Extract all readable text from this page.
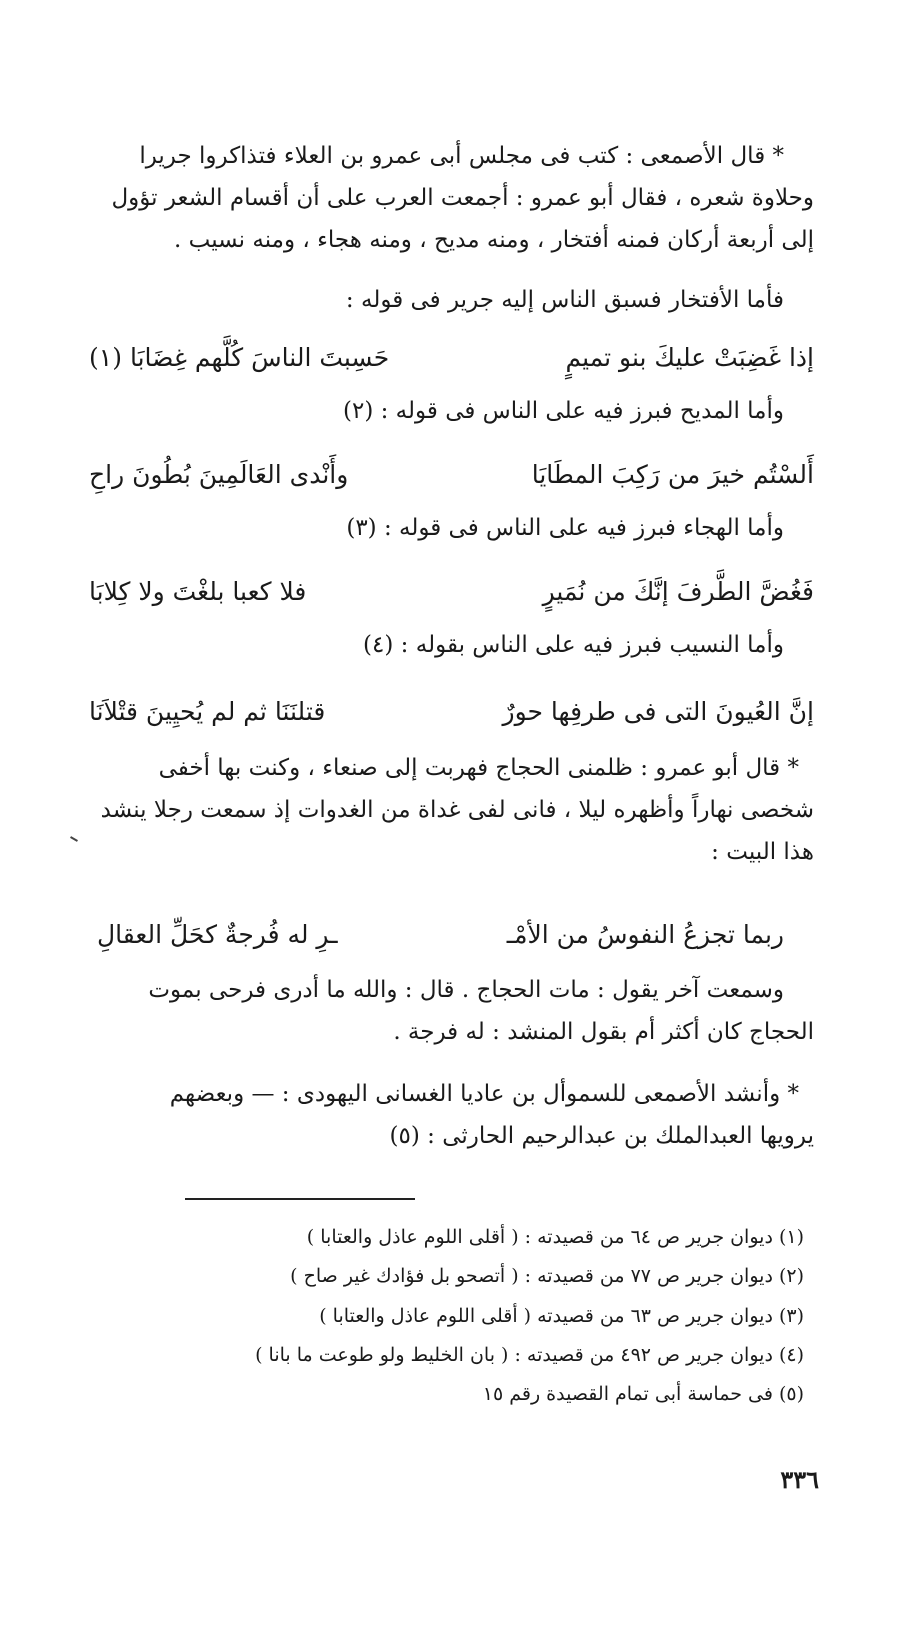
* قال الأصمعى : كتب فى مجلس أبى عمرو بن العلاء فتذاكروا جريرا
وحلاوة شعره ، فقال أبو عمرو : أجمعت العرب على أن أقسام الشعر تؤول
إلى أربعة أركان فمنه أفتخار ، ومنه مديح ، ومنه هجاء ، ومنه نسيب .
فأما الأفتخار فسبق الناس إليه جرير فى قوله :
إذا غَضِبَتْ عليكَ بنو تميمٍ
حَسِبتَ الناسَ كُلَّهم غِضَابَا(١)
وأما المديح فبرز فيه على الناس فى قوله : (٢)
أَلسْتُم خيرَ من رَكِبَ المطَايَا
وأَنْدى العَالَمِينَ بُطُونَ راحِ
وأما الهجاء فبرز فيه على الناس فى قوله : (٣)
فَغُضَّ الطَّرفَ إنَّكَ من نُمَيرٍ
فلا كعبا بلغْتَ ولا كِلابَا
وأما النسيب فبرز فيه على الناس بقوله : (٤)
إنَّ العُيونَ التى فى طرفِها حورٌ
قتلنَنَا ثم لم يُحيِينَ قتْلاَنَا
* قال أبو عمرو : ظلمنى الحجاج فهربت إلى صنعاء ، وكنت بها أخفى
شخصى نهاراً وأظهره ليلا ، فانى لفى غداة من الغدوات إذ سمعت رجلا ينشد
هذا البيت :
ربما تجزعُ النفوسُ من الأمْـ
ـرِ له فُرجةٌ كحَلِّ العقالِ
وسمعت آخر يقول : مات الحجاج . قال : والله ما أدرى فرحى بموت
الحجاج كان أكثر أم بقول المنشد : له فرجة .
* وأنشد الأصمعى للسموأل بن عاديا الغسانى اليهودى : — وبعضهم
يرويها العبدالملك بن عبدالرحيم الحارثى : (٥)
(١) ديوان جرير ص ٦٤ من قصيدته : ( أقلى اللوم عاذل والعتابا )
(٢) ديوان جرير ص ٧٧ من قصيدته : ( أتصحو بل فؤادك غير صاح )
(٣) ديوان جرير ص ٦٣ من قصيدته ( أقلى اللوم عاذل والعتابا )
(٤) ديوان جرير ص ٤٩٢ من قصيدته : ( بان الخليط ولو طوعت ما بانا )
(٥) فى حماسة أبى تمام القصيدة رقم ١٥
٣٣٦
